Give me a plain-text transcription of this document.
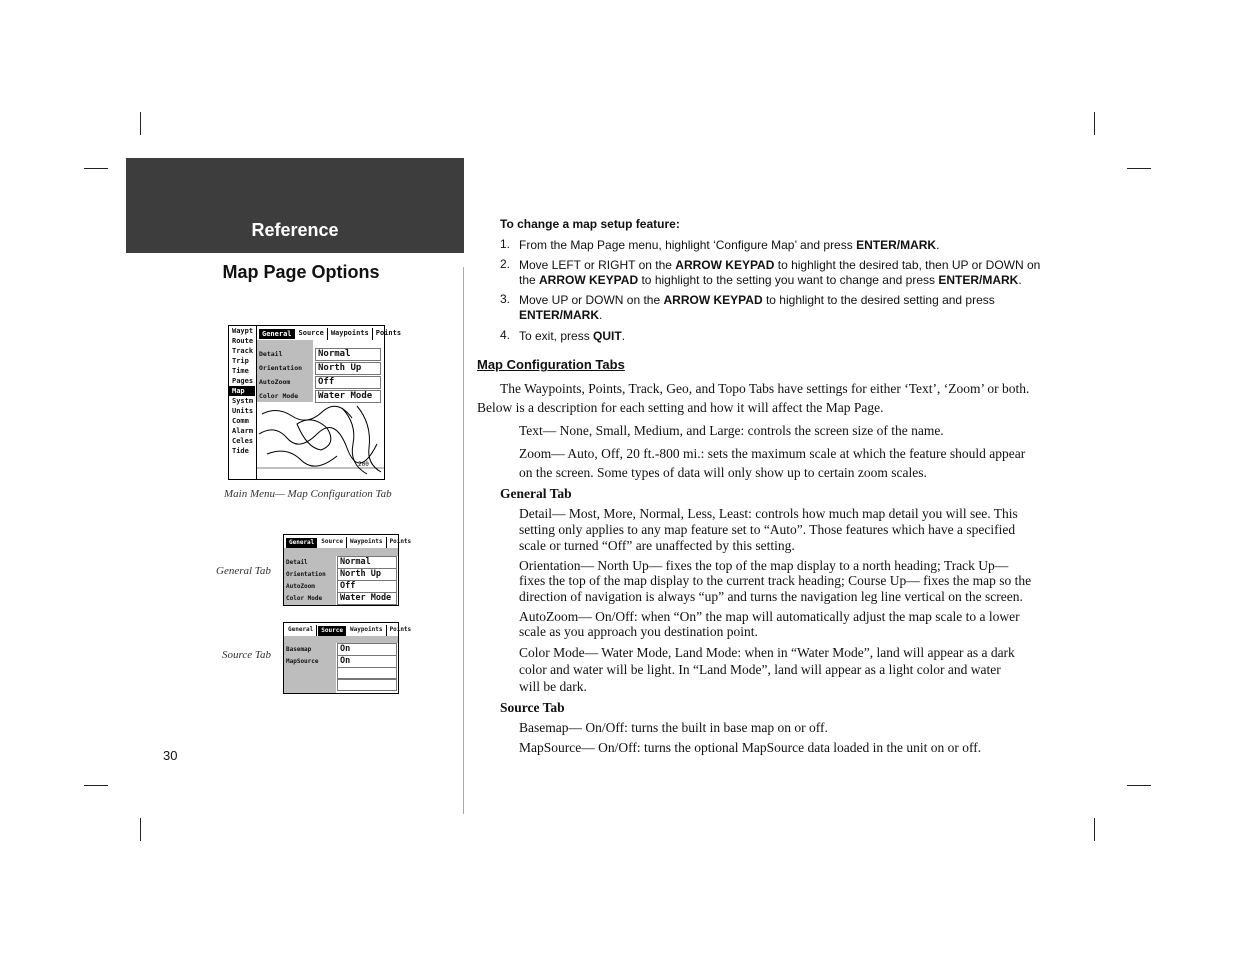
Reference
Map Page Options
Waypt
Route
Track
Trip
Time
Pages
Map
Systm
Units
Comm
Alarm
Celes
Tide
General	Source	Waypoints	Points
Detail	Normal
Orientation	North Up
AutoZoom	Off
Color Mode	Water Mode
200
Main Menu— Map Configuration Tab
General Tab
General	Source	Waypoints	Points
Detail	Normal
Orientation	North Up
AutoZoom	Off
Color Mode	Water Mode
Source Tab
General	Source	Waypoints	Points
Basemap	On
MapSource	On
30
To change a map setup feature:
1. From the Map Page menu, highlight ‘Configure Map’ and press ENTER/MARK.
2. Move LEFT or RIGHT on the ARROW KEYPAD to highlight the desired tab, then UP or DOWN on
the ARROW KEYPAD to highlight to the setting you want to change and press ENTER/MARK.
3. Move UP or DOWN on the ARROW KEYPAD to highlight to the desired setting and press
ENTER/MARK.
4. To exit, press QUIT.
Map Configuration Tabs
The Waypoints, Points, Track, Geo, and Topo Tabs have settings for either ‘Text’, ‘Zoom’ or both.
Below is a description for each setting and how it will affect the Map Page.
Text— None, Small, Medium, and Large: controls the screen size of the name.
Zoom— Auto, Off, 20 ft.-800 mi.: sets the maximum scale at which the feature should appear
on the screen. Some types of data will only show up to certain zoom scales.
General Tab
Detail— Most, More, Normal, Less, Least: controls how much map detail you will see. This
setting only applies to any map feature set to “Auto”. Those features which have a specified
scale or turned “Off” are unaffected by this setting.
Orientation— North Up— fixes the top of the map display to a north heading; Track Up—
fixes the top of the map display to the current track heading; Course Up— fixes the map so the
direction of navigation is always “up” and turns the navigation leg line vertical on the screen.
AutoZoom— On/Off: when “On” the map will automatically adjust the map scale to a lower
scale as you approach you destination point.
Color Mode— Water Mode, Land Mode: when in “Water Mode”, land will appear as a dark
color and water will be light. In “Land Mode”, land will appear as a light color and water
will be dark.
Source Tab
Basemap— On/Off: turns the built in base map on or off.
MapSource— On/Off: turns the optional MapSource data loaded in the unit on or off.
